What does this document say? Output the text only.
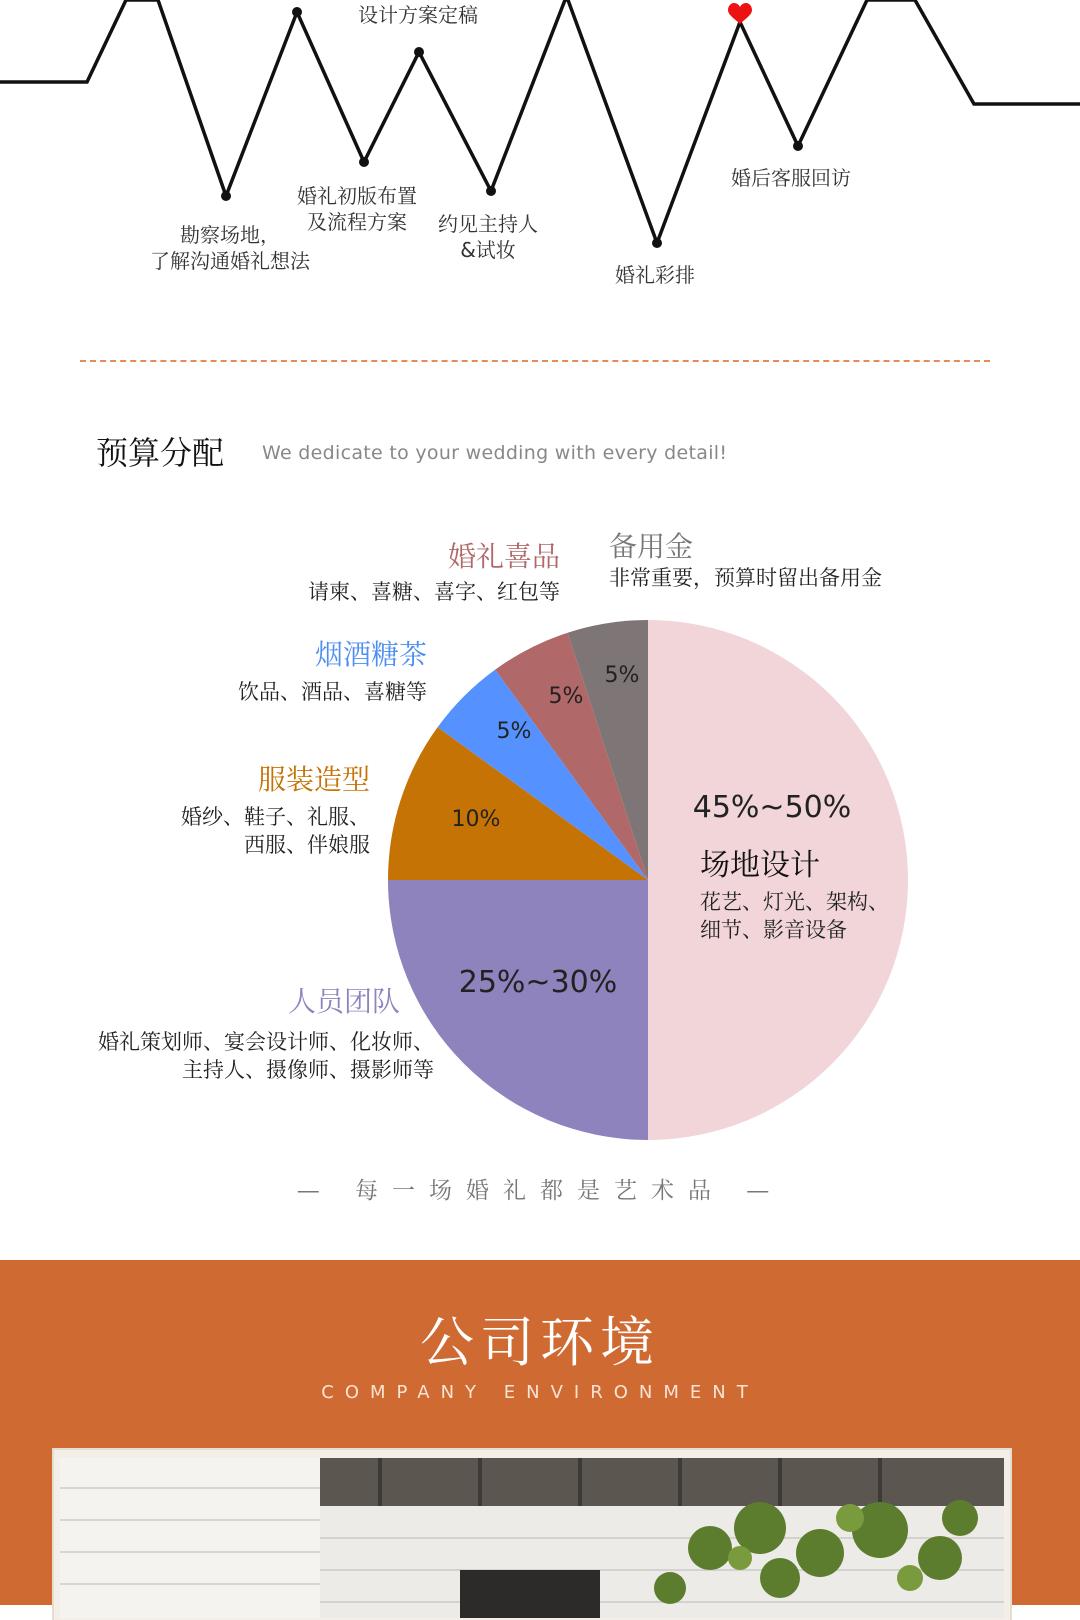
设计方案定稿
勘察场地，
了解沟通婚礼想法
婚礼初版布置
及流程方案	约见主持人
&试妆
婚礼彩排
婚后客服回访
预算分配 We dedicate to your wedding with every detail!
45%~50%
25%~30%
10%
5%
5%
5%
婚礼喜品
请柬、喜糖、喜字、红包等
备用金
非常重要，预算时留出备用金
烟酒糖茶
饮品、酒品、喜糖等
服装造型
婚纱、鞋子、礼服、
西服、伴娘服
人员团队
婚礼策划师、宴会设计师、化妆师、
主持人、摄像师、摄影师等
场地设计
花艺、灯光、架构、
细节、影音设备
— 每一场婚礼都是艺术品 —
公司环境
COMPANY ENVIRONMENT
